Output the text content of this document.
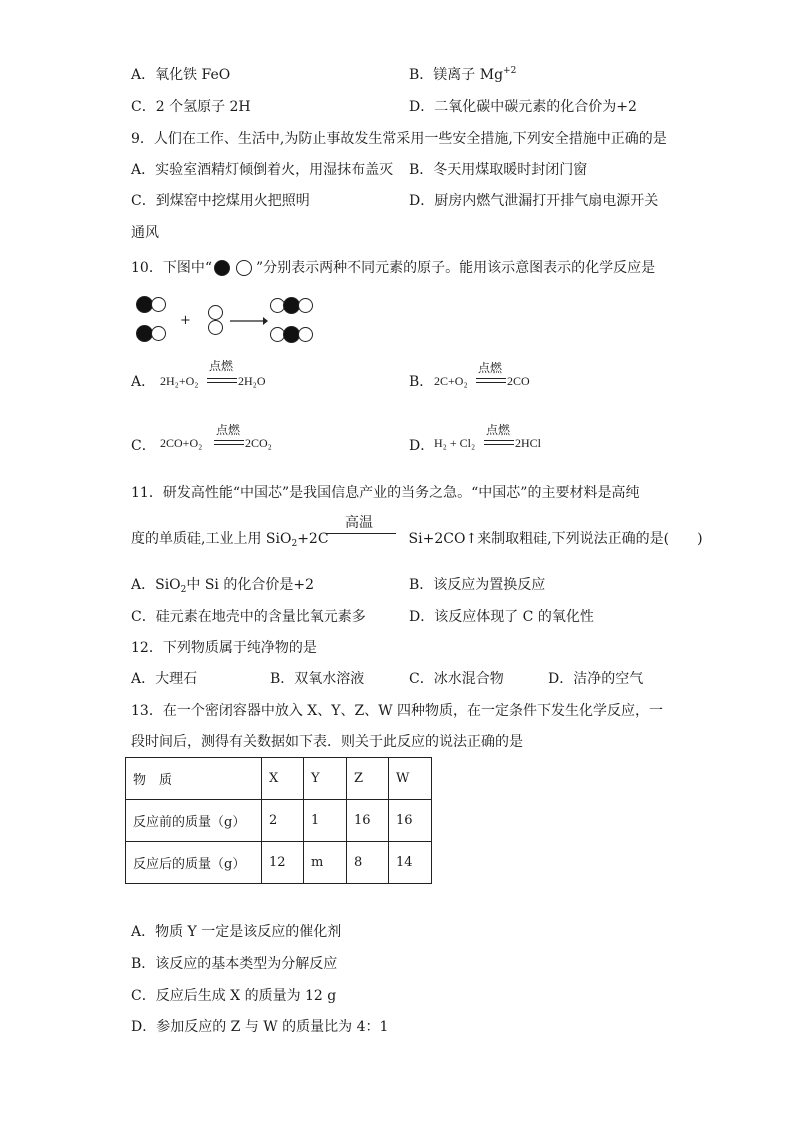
A．氧化铁 FeO	B．镁离子 $Mg^{+2}$
C．2 个氢原子 2H	D．二氧化碳中碳元素的化合价为+2
9．人们在工作、生活中,为防止事故发生常采用一些安全措施,下列安全措施中正确的是
A．实验室酒精灯倾倒着火，用湿抹布盖灭 B．冬天用煤取暖时封闭门窗
C．到煤窑中挖煤用火把照明	D．厨房内燃气泄漏打开排气扇电源开关
通风
10．下图中“	”分别表示两种不同元素的原子。能用该示意图表示的化学反应是
+
A． 2H₂+O₂
点燃
2H₂O	B． 2C+O₂
点燃
2CO
C． 2CO+O₂
点燃
2CO₂	D． H₂ + Cl₂
点燃
2HCl
11．研发高性能“中国芯”是我国信息产业的当务之急。“中国芯”的主要材料是高纯
度的单质硅,工业上用 SiO$_2$+2C	Si+2CO↑来制取粗硅,下列说法正确的是(　　)
高温
A．SiO$_2$中 Si 的化合价是+2	B．该反应为置换反应
C．硅元素在地壳中的含量比氧元素多	D．该反应体现了 C 的氧化性
12．下列物质属于纯净物的是
A．大理石	B．双氧水溶液	C．冰水混合物	D．洁净的空气
13．在一个密闭容器中放入 X、Y、Z、W 四种物质，在一定条件下发生化学反应，一
段时间后，测得有关数据如下表．则关于此反应的说法正确的是
物　质	X	Y	Z	W
反应前的质量（g）	2	1	16	16
反应后的质量（g）	12	m	8	14
A．物质 Y 一定是该反应的催化剂
B．该反应的基本类型为分解反应
C．反应后生成 X 的质量为 12 g
D．参加反应的 Z 与 W 的质量比为 4：1
